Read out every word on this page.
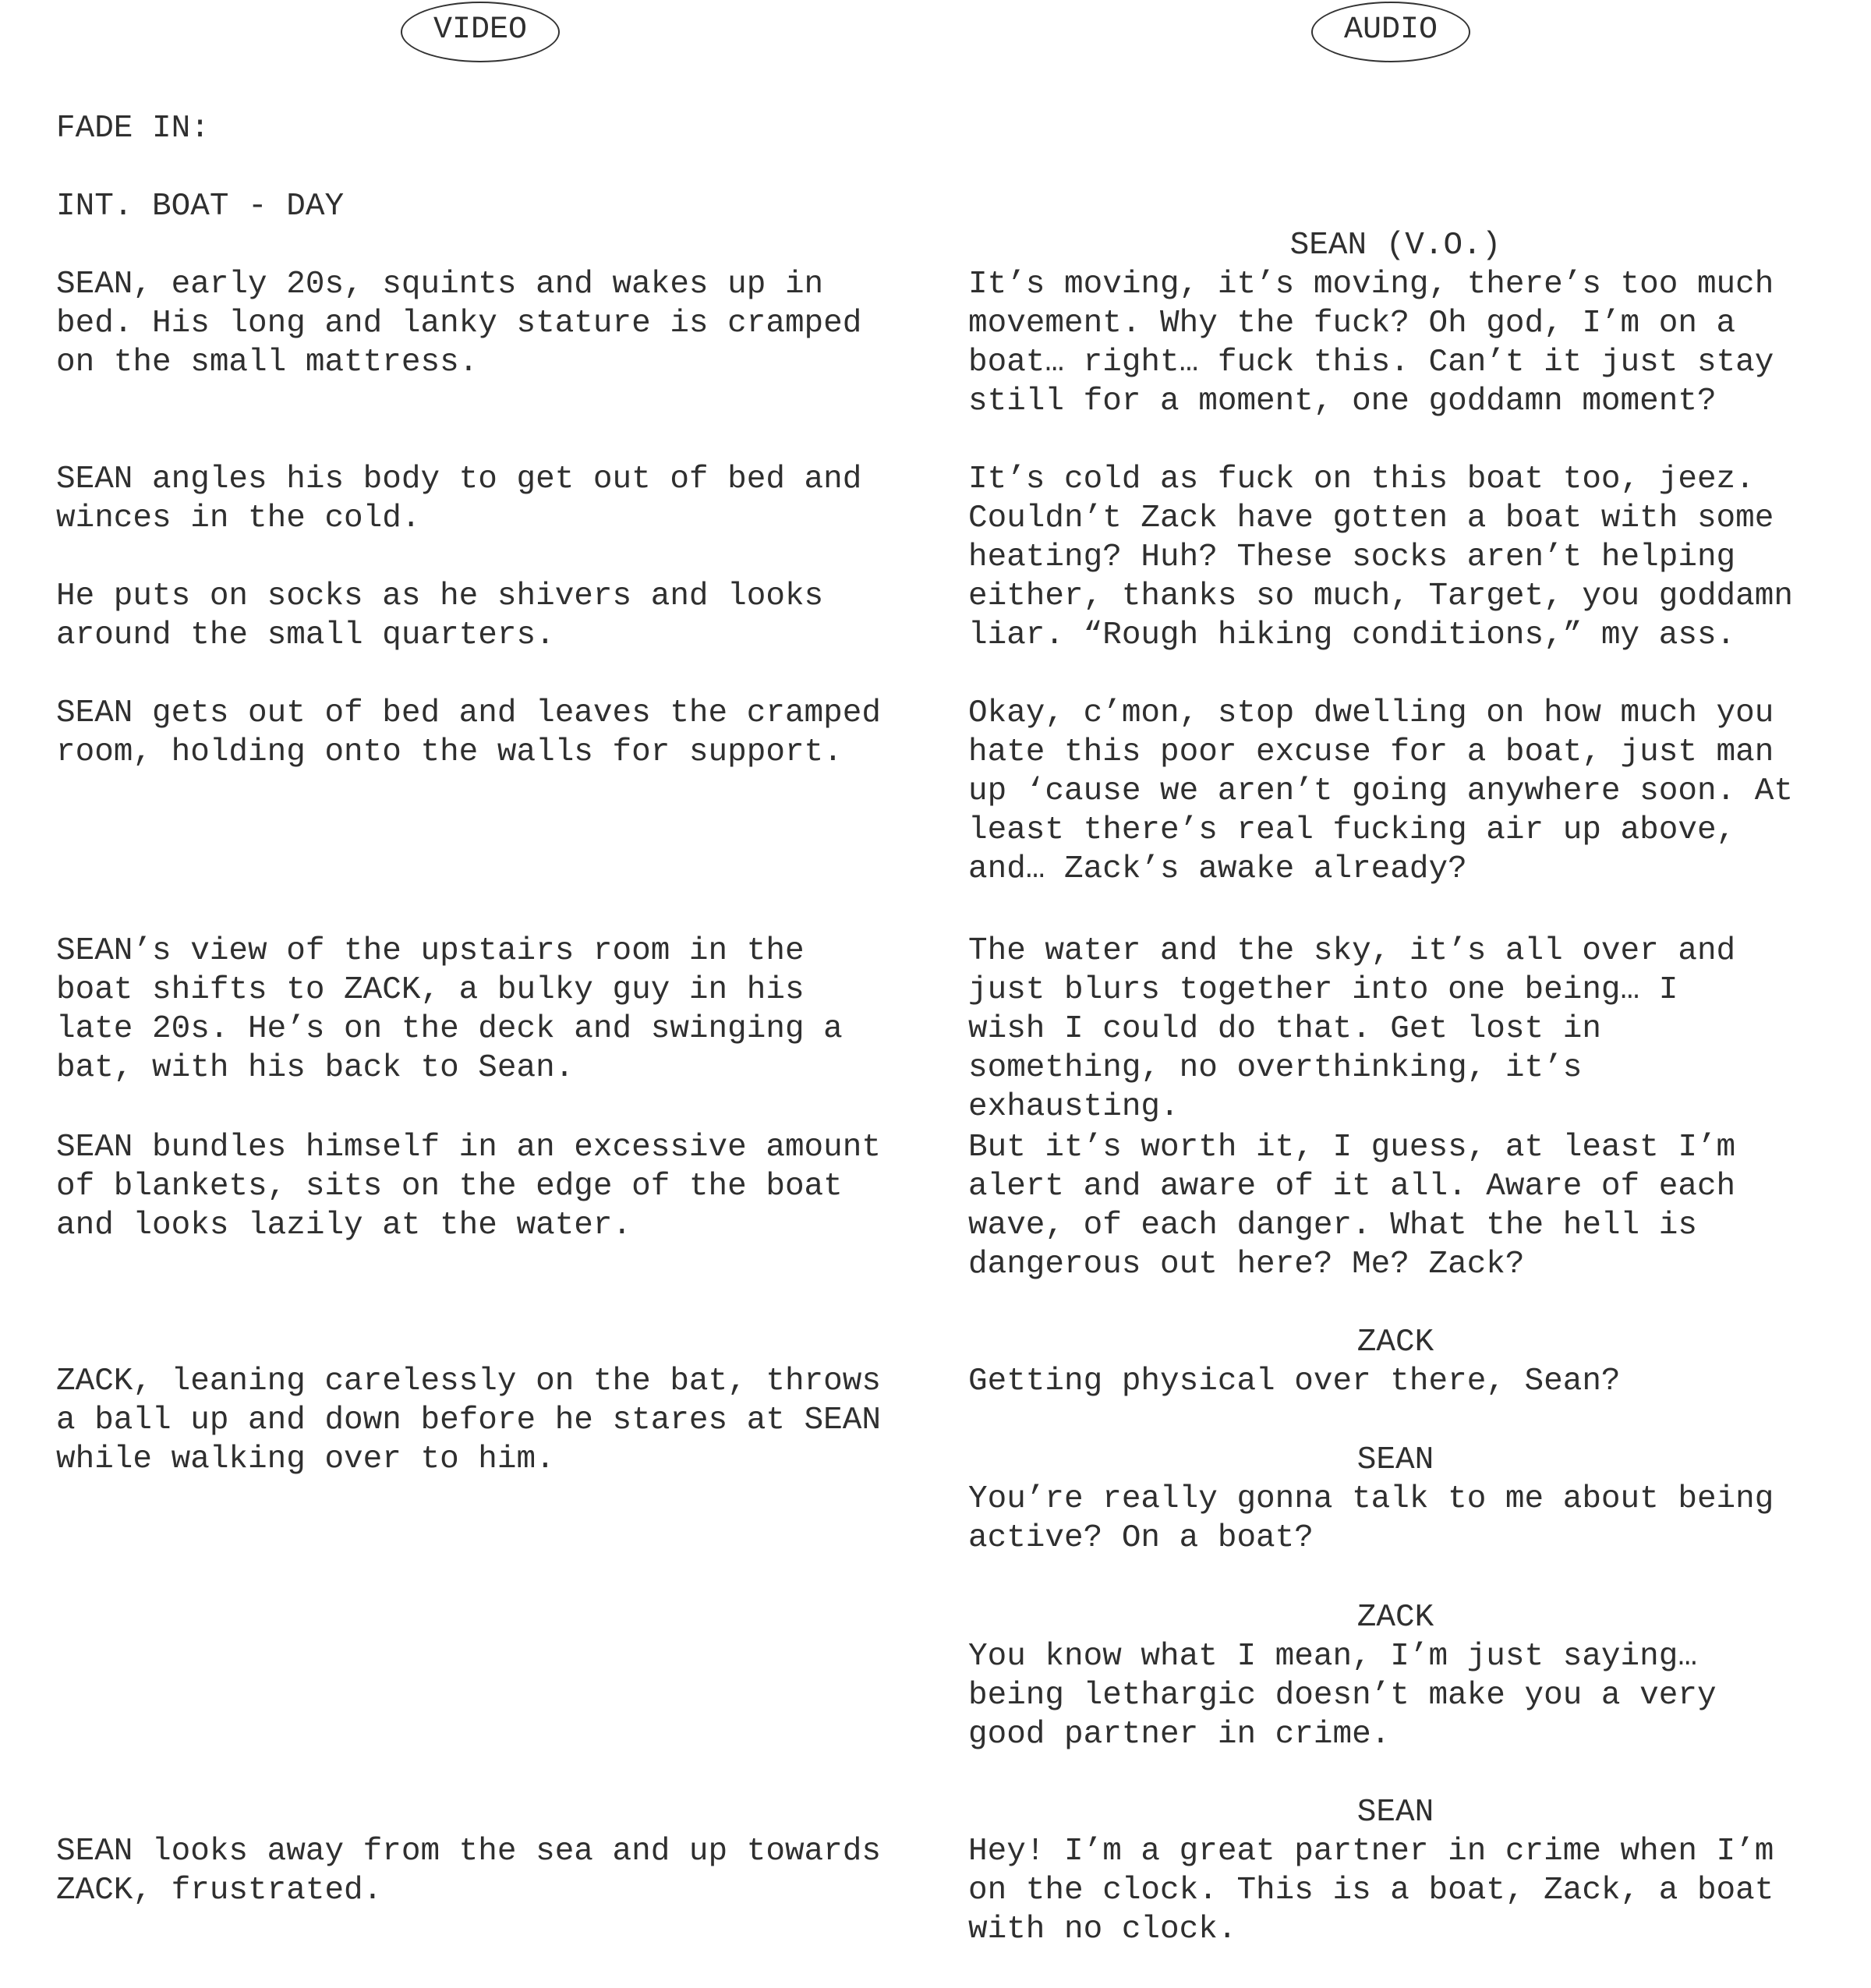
VIDEO	AUDIO

FADE IN:

INT. BOAT - DAY

SEAN, early 20s, squints and wakes up in
bed. His long and lanky stature is cramped
on the small mattress.

SEAN angles his body to get out of bed and
winces in the cold.

He puts on socks as he shivers and looks
around the small quarters.

SEAN gets out of bed and leaves the cramped
room, holding onto the walls for support.

SEAN’s view of the upstairs room in the
boat shifts to ZACK, a bulky guy in his
late 20s. He’s on the deck and swinging a
bat, with his back to Sean.

SEAN bundles himself in an excessive amount
of blankets, sits on the edge of the boat
and looks lazily at the water.

ZACK, leaning carelessly on the bat, throws
a ball up and down before he stares at SEAN
while walking over to him.

SEAN looks away from the sea and up towards
ZACK, frustrated.

SEAN (V.O.)

It’s moving, it’s moving, there’s too much
movement. Why the fuck? Oh god, I’m on a
boat… right… fuck this. Can’t it just stay
still for a moment, one goddamn moment?

It’s cold as fuck on this boat too, jeez.
Couldn’t Zack have gotten a boat with some
heating? Huh? These socks aren’t helping
either, thanks so much, Target, you goddamn
liar. “Rough hiking conditions,” my ass.

Okay, c’mon, stop dwelling on how much you
hate this poor excuse for a boat, just man
up ‘cause we aren’t going anywhere soon. At
least there’s real fucking air up above,
and… Zack’s awake already?

The water and the sky, it’s all over and
just blurs together into one being… I
wish I could do that. Get lost in
something, no overthinking, it’s
exhausting.

But it’s worth it, I guess, at least I’m
alert and aware of it all. Aware of each
wave, of each danger. What the hell is
dangerous out here? Me? Zack?

ZACK

Getting physical over there, Sean?

SEAN

You’re really gonna talk to me about being
active? On a boat?

ZACK

You know what I mean, I’m just saying…
being lethargic doesn’t make you a very
good partner in crime.

SEAN

Hey! I’m a great partner in crime when I’m
on the clock. This is a boat, Zack, a boat
with no clock.
